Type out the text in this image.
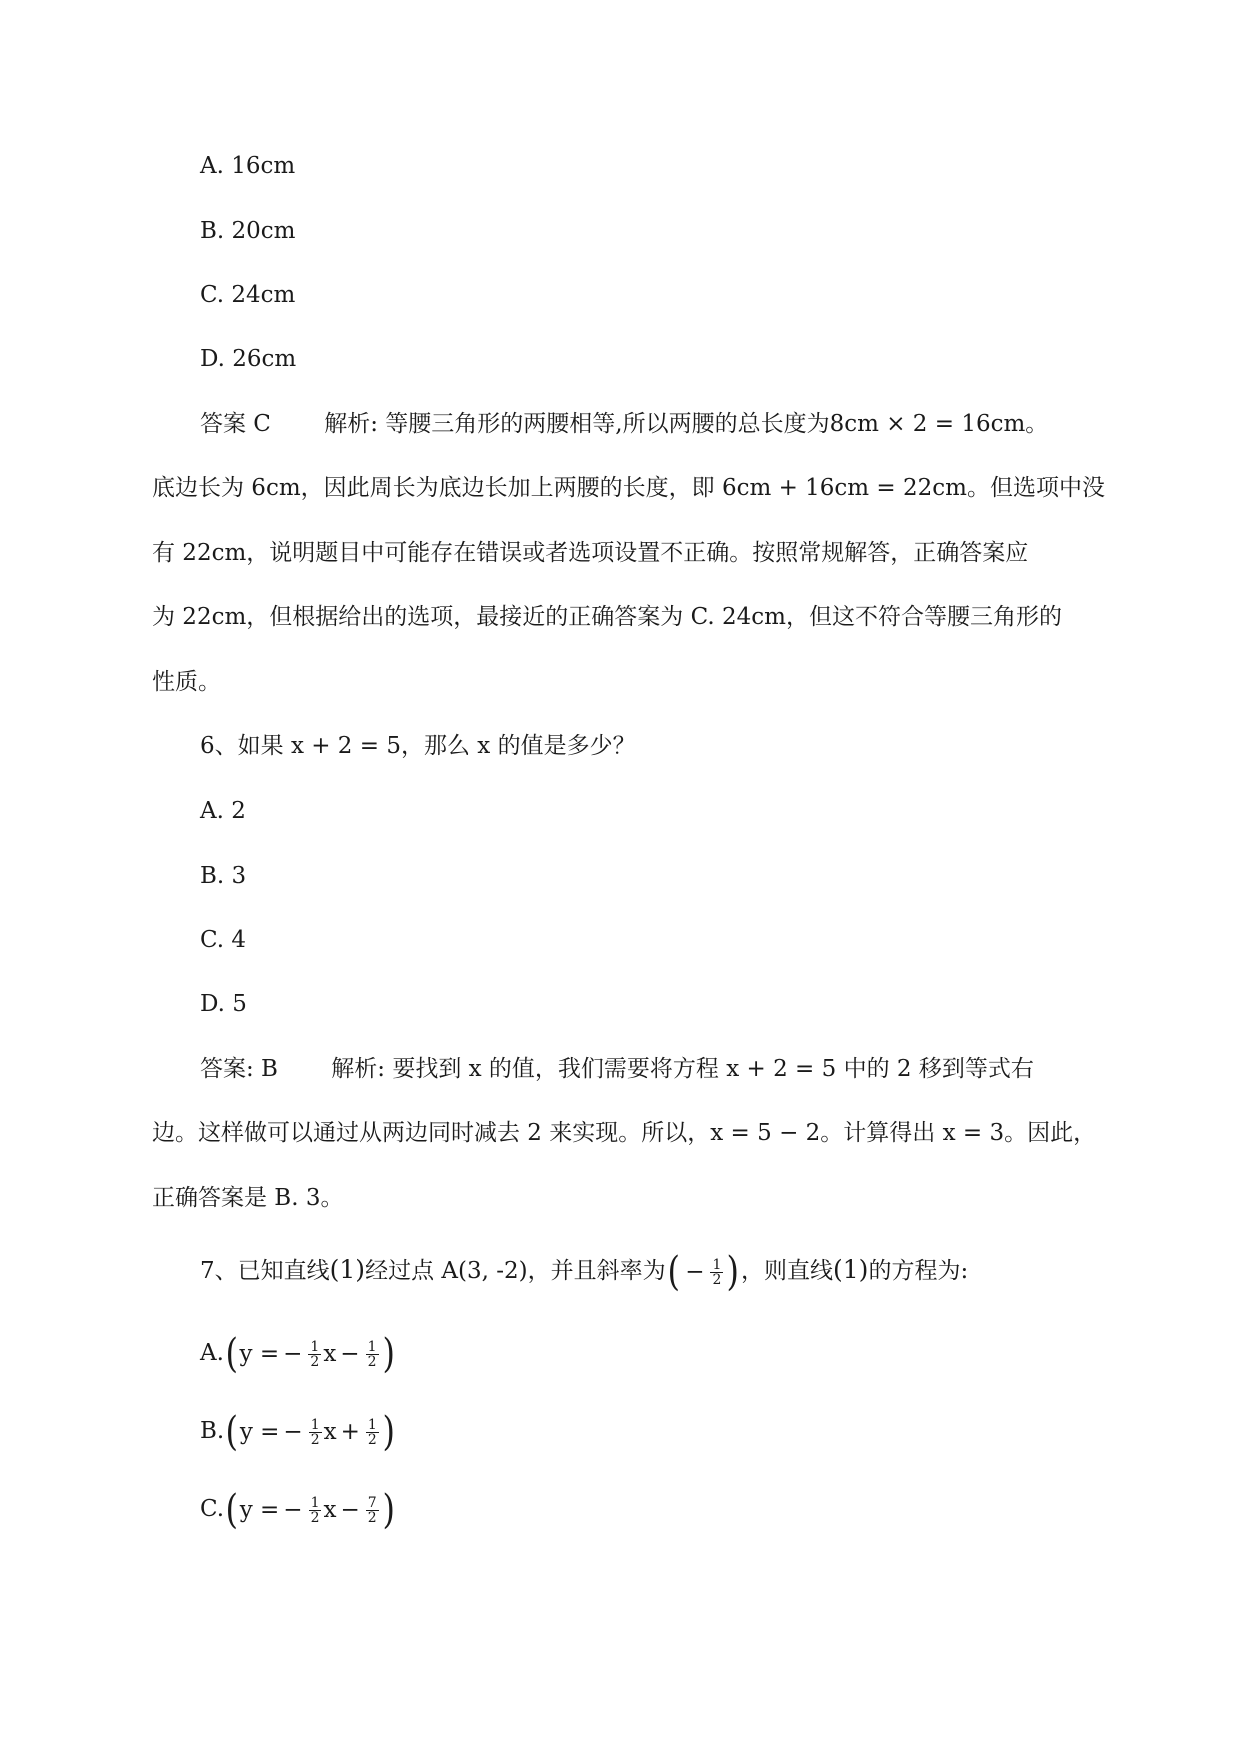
A. 16cm
B. 20cm
C. 24cm
D. 26cm
答案 C　　 解析: 等腰三角形的两腰相等,所以两腰的总长度为8cm × 2 = 16cm。
底边长为 6cm，因此周长为底边长加上两腰的长度，即 6cm + 16cm = 22cm。但选项中没
有 22cm，说明题目中可能存在错误或者选项设置不正确。按照常规解答，正确答案应
为 22cm，但根据给出的选项，最接近的正确答案为 C. 24cm，但这不符合等腰三角形的
性质。
6、如果 x + 2 = 5，那么 x 的值是多少？
A. 2
B. 3
C. 4
D. 5
答案: B　　 解析: 要找到 x 的值，我们需要将方程 x + 2 = 5 中的 2 移到等式右
边。这样做可以通过从两边同时减去 2 来实现。所以，x = 5 − 2。计算得出 x = 3。因此，
正确答案是 B. 3。
7、已知直线(1)经过点 A(3, -2)，并且斜率为 ( − $\frac{1}{2}$ ) ，则直线(1)的方程为:
A. ( y = − $\frac{1}{2}$ $x - \frac{1}{2}$ )
B. ( y = − $\frac{1}{2}$ $x + \frac{1}{2}$ )
C. ( y = − $\frac{1}{2}$ $x - \frac{7}{2}$ )
